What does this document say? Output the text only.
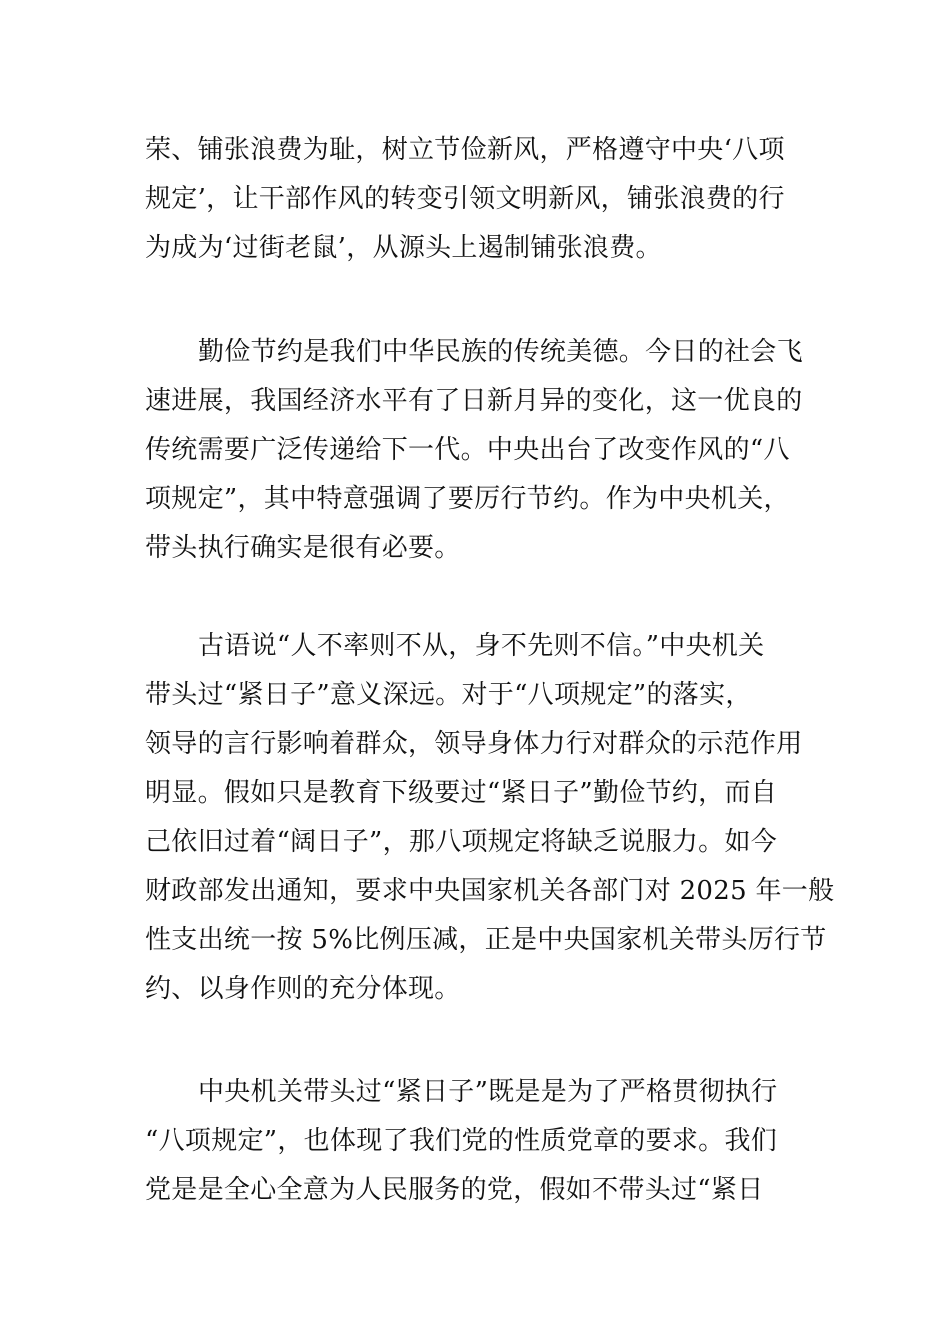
荣、铺张浪费为耻，树立节俭新风，严格遵守中央‘八项
规定’，让干部作风的转变引领文明新风，铺张浪费的行
为成为‘过街老鼠’，从源头上遏制铺张浪费。
勤俭节约是我们中华民族的传统美德。今日的社会飞
速进展，我国经济水平有了日新月异的变化，这一优良的
传统需要广泛传递给下一代。中央出台了改变作风的“八
项规定”，其中特意强调了要厉行节约。作为中央机关，
带头执行确实是很有必要。
古语说“人不率则不从，身不先则不信。”中央机关
带头过“紧日子”意义深远。对于“八项规定”的落实，
领导的言行影响着群众，领导身体力行对群众的示范作用
明显。假如只是教育下级要过“紧日子”勤俭节约，而自
己依旧过着“阔日子”，那八项规定将缺乏说服力。如今
财政部发出通知，要求中央国家机关各部门对 2025 年一般
性支出统一按 5%比例压减，正是中央国家机关带头厉行节
约、以身作则的充分体现。
中央机关带头过“紧日子”既是是为了严格贯彻执行
“八项规定”，也体现了我们党的性质党章的要求。我们
党是是全心全意为人民服务的党，假如不带头过“紧日
